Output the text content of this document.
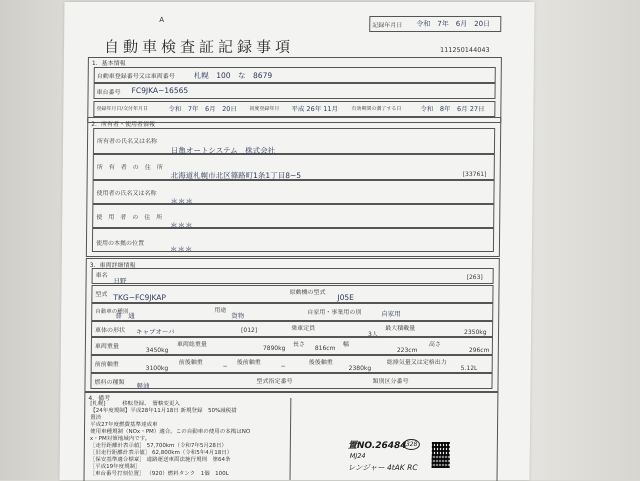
A
記録年月日 令和　7年　6月　20日
自動車検査証記録事項	111250144043
1．基本情報
自動車登録番号又は車両番号	札幌　100　な　8679
車台番号 FC9JKA−16565
登録年月日/交付年月日	令和　7年　6月　20日 初度登録年月 平成 26年 11月	有効期間の満了する日	令和　8年　6月 27日
2．所有者・使用者情報
所有者の氏名又は名称
日亀オートシステム　株式会社
所　有　者　の　住　所
北海道札幌市北区篠路町1条1丁目8−5	[33761]
使用者の氏名又は名称
＊＊＊
使　用　者　の　住　所
＊＊＊
使用の本拠の位置
＊＊＊
3．車両詳細情報
車名
日野	[263]
型式 TKG−FC9JKAP
原動機の型式
J05E
自動車の種別
普　通
用途
貨物	自家用・事業用の別	自家用
車体の形状 キャブオーバ	[012]	乗車定員
3人
最大積載量
2350kg
車両重量
3450kg
車両総重量
7890kg
長さ
816cm
幅
223cm
高さ
296cm
前前軸重
3100kg
前後軸重
−
後前軸重
−
後後軸重
2380kg
総排気量又は定格出力
5.12L
燃料の種類 軽油
型式指定番号	類別区分番号
4．備考
[札幌]　　　移転登録、　管轄変更入
【24年度規制】平成28年11月18日 新規登録　50%減税措
置済
平成27年度燃費基準達成車
使用車種規制（NOx・PM）適合。この自動車の使用の本拠はNO
x・PM対策地域内です。
［走行距離計表示値］ 57,700km（令和7年5月28日）
［旧走行距離計表示値］ 62,800km（令和5年4月18日）
［保安基準適合標章］ 道路運送車両法施行規則　第64条
［平成19年度規制］
［車台番号打刻位置］ （920）燃料タンク　1個　100L
置NO.26484 328
MJ24
レンジャー 4tAK RC
